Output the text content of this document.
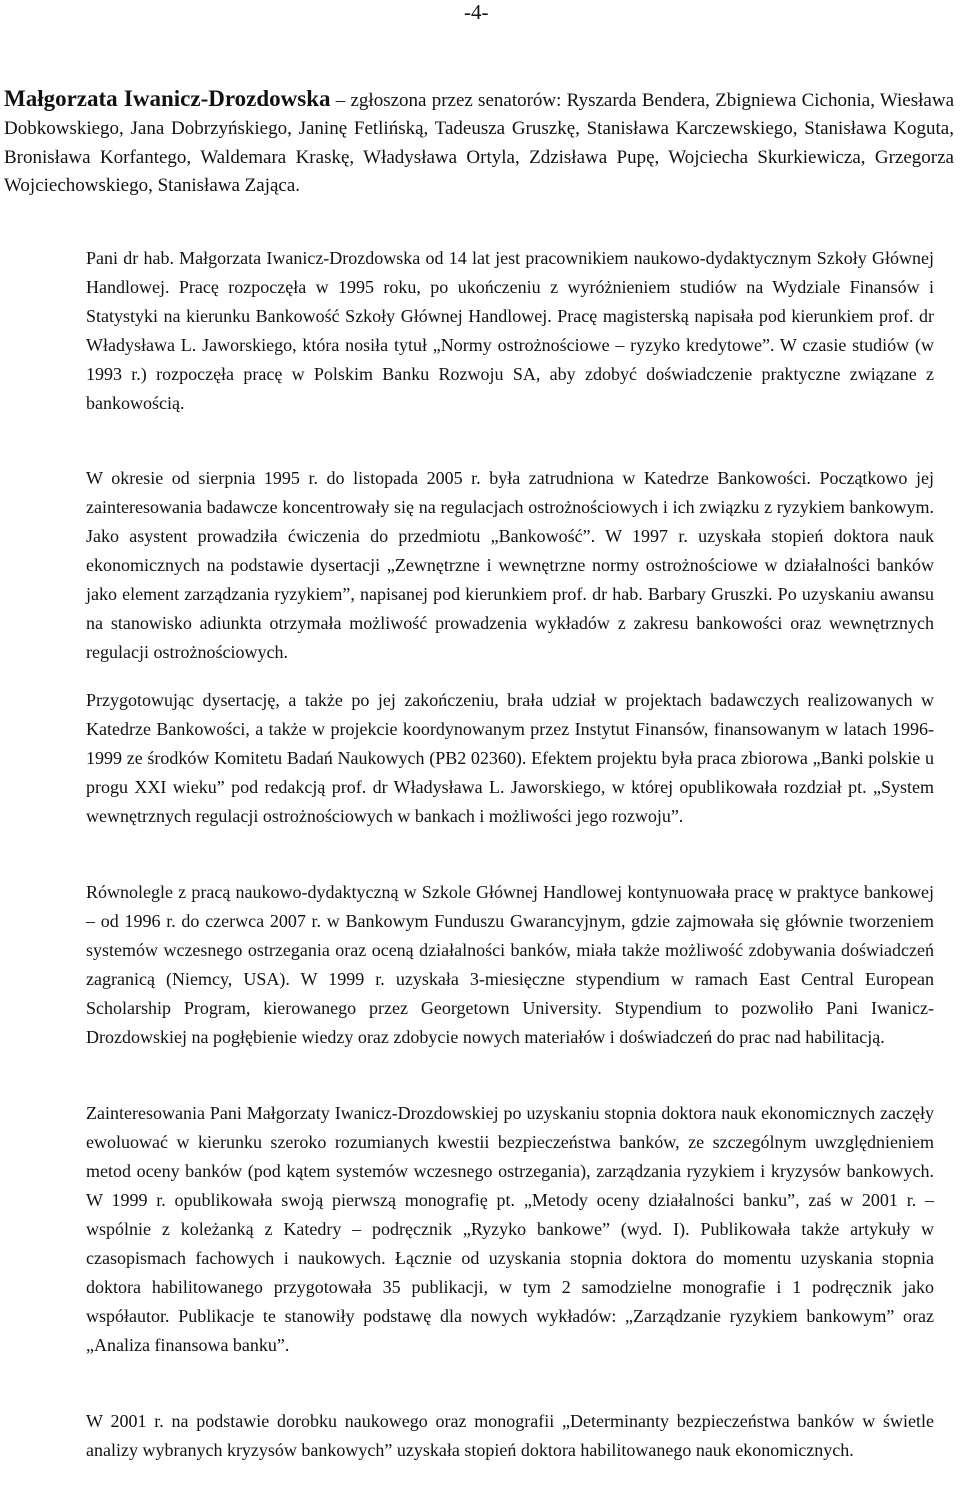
-4-
Małgorzata Iwanicz-Drozdowska – zgłoszona przez senatorów: Ryszarda Bendera, Zbigniewa Cichonia, Wiesława Dobkowskiego, Jana Dobrzyńskiego, Janinę Fetlińską, Tadeusza Gruszkę, Stanisława Karczewskiego, Stanisława Koguta, Bronisława Korfantego, Waldemara Kraskę, Władysława Ortyla, Zdzisława Pupę, Wojciecha Skurkiewicza, Grzegorza Wojciechowskiego, Stanisława Zająca.

Pani dr hab. Małgorzata Iwanicz-Drozdowska od 14 lat jest pracownikiem naukowo-dydaktycznym Szkoły Głównej Handlowej. Pracę rozpoczęła w 1995 roku, po ukończeniu z wyróżnieniem studiów na Wydziale Finansów i Statystyki na kierunku Bankowość Szkoły Głównej Handlowej. Pracę magisterską napisała pod kierunkiem prof. dr Władysława L. Jaworskiego, która nosiła tytuł „Normy ostrożnościowe – ryzyko kredytowe”. W czasie studiów (w 1993 r.) rozpoczęła pracę w Polskim Banku Rozwoju SA, aby zdobyć doświadczenie praktyczne związane z bankowością.

W okresie od sierpnia 1995 r. do listopada 2005 r. była zatrudniona w Katedrze Bankowości. Początkowo jej zainteresowania badawcze koncentrowały się na regulacjach ostrożnościowych i ich związku z ryzykiem bankowym. Jako asystent prowadziła ćwiczenia do przedmiotu „Bankowość”. W 1997 r. uzyskała stopień doktora nauk ekonomicznych na podstawie dysertacji „Zewnętrzne i wewnętrzne normy ostrożnościowe w działalności banków jako element zarządzania ryzykiem”, napisanej pod kierunkiem prof. dr hab. Barbary Gruszki. Po uzyskaniu awansu na stanowisko adiunkta otrzymała możliwość prowadzenia wykładów z zakresu bankowości oraz wewnętrznych regulacji ostrożnościowych.

Przygotowując dysertację, a także po jej zakończeniu, brała udział w projektach badawczych realizowanych w Katedrze Bankowości, a także w projekcie koordynowanym przez Instytut Finansów, finansowanym w latach 1996-1999 ze środków Komitetu Badań Naukowych (PB2 02360). Efektem projektu była praca zbiorowa „Banki polskie u progu XXI wieku” pod redakcją prof. dr Władysława L. Jaworskiego, w której opublikowała rozdział pt. „System wewnętrznych regulacji ostrożnościowych w bankach i możliwości jego rozwoju”.

Równolegle z pracą naukowo-dydaktyczną w Szkole Głównej Handlowej kontynuowała pracę w praktyce bankowej – od 1996 r. do czerwca 2007 r. w Bankowym Funduszu Gwarancyjnym, gdzie zajmowała się głównie tworzeniem systemów wczesnego ostrzegania oraz oceną działalności banków, miała także możliwość zdobywania doświadczeń zagranicą (Niemcy, USA). W 1999 r. uzyskała 3-miesięczne stypendium w ramach East Central European Scholarship Program, kierowanego przez Georgetown University. Stypendium to pozwoliło Pani Iwanicz-Drozdowskiej na pogłębienie wiedzy oraz zdobycie nowych materiałów i doświadczeń do prac nad habilitacją.

Zainteresowania Pani Małgorzaty Iwanicz-Drozdowskiej po uzyskaniu stopnia doktora nauk ekonomicznych zaczęły ewoluować w kierunku szeroko rozumianych kwestii bezpieczeństwa banków, ze szczególnym uwzględnieniem metod oceny banków (pod kątem systemów wczesnego ostrzegania), zarządzania ryzykiem i kryzysów bankowych. W 1999 r. opublikowała swoją pierwszą monografię pt. „Metody oceny działalności banku”, zaś w 2001 r. – wspólnie z koleżanką z Katedry – podręcznik „Ryzyko bankowe” (wyd. I). Publikowała także artykuły w czasopismach fachowych i naukowych. Łącznie od uzyskania stopnia doktora do momentu uzyskania stopnia doktora habilitowanego przygotowała 35 publikacji, w tym 2 samodzielne monografie i 1 podręcznik jako współautor. Publikacje te stanowiły podstawę dla nowych wykładów: „Zarządzanie ryzykiem bankowym” oraz „Analiza finansowa banku”.

W 2001 r. na podstawie dorobku naukowego oraz monografii „Determinanty bezpieczeństwa banków w świetle analizy wybranych kryzysów bankowych” uzyskała stopień doktora habilitowanego nauk ekonomicznych.
